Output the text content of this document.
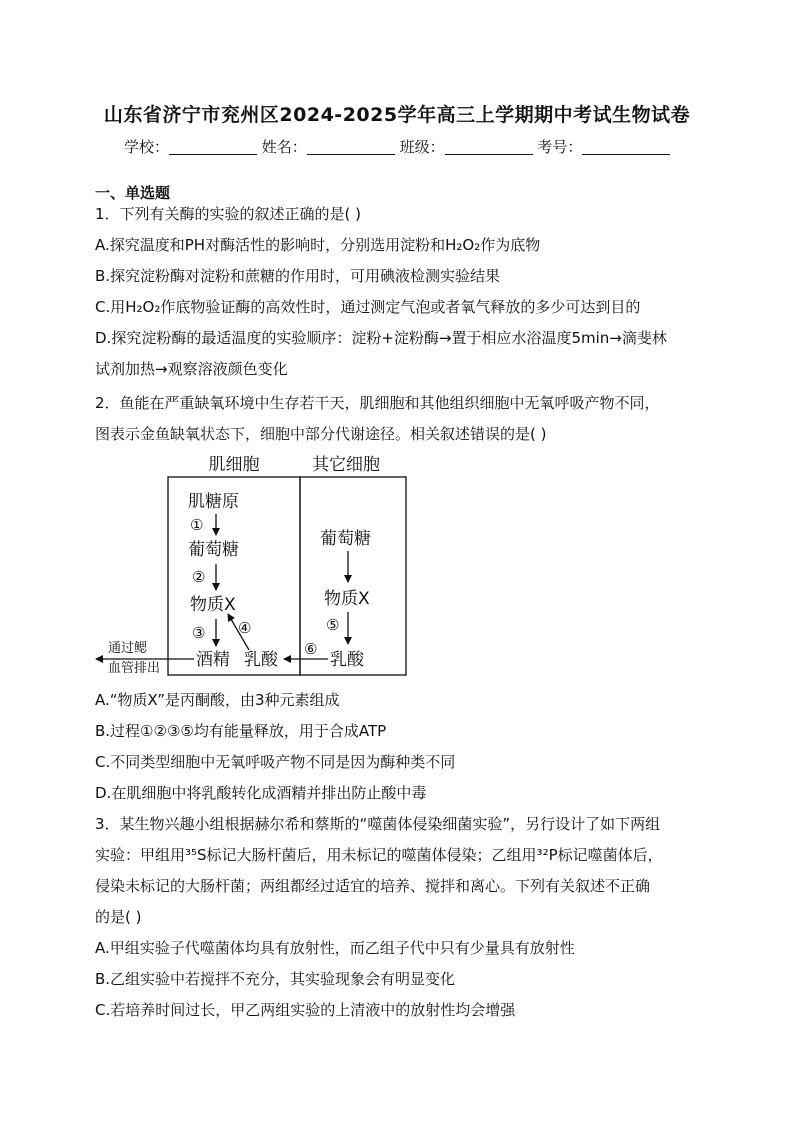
山东省济宁市兖州区2024-2025学年高三上学期期中考试生物试卷
学校：	姓名：	班级：	考号：
一、单选题
1．下列有关酶的实验的叙述正确的是( )
A.探究温度和PH对酶活性的影响时，分别选用淀粉和H₂O₂作为底物
B.探究淀粉酶对淀粉和蔗糖的作用时，可用碘液检测实验结果
C.用H₂O₂作底物验证酶的高效性时，通过测定气泡或者氧气释放的多少可达到目的
D.探究淀粉酶的最适温度的实验顺序：淀粉+淀粉酶→置于相应水浴温度5min→滴斐林
试剂加热→观察溶液颜色变化
2．鱼能在严重缺氧环境中生存若干天，肌细胞和其他组织细胞中无氧呼吸产物不同，
图表示金鱼缺氧状态下，细胞中部分代谢途径。相关叙述错误的是( )
肌细胞	其它细胞
肌糖原
①
葡萄糖
②
物质X
③
酒精 乳酸
④
葡萄糖
物质X
⑤
乳酸
⑥
通过鳃
血管排出
A.“物质X”是丙酮酸，由3种元素组成
B.过程①②③⑤均有能量释放，用于合成ATP
C.不同类型细胞中无氧呼吸产物不同是因为酶种类不同
D.在肌细胞中将乳酸转化成酒精并排出防止酸中毒
3．某生物兴趣小组根据赫尔希和蔡斯的“噬菌体侵染细菌实验”，另行设计了如下两组
实验：甲组用³⁵S标记大肠杆菌后，用未标记的噬菌体侵染；乙组用³²P标记噬菌体后，
侵染未标记的大肠杆菌；两组都经过适宜的培养、搅拌和离心。下列有关叙述不正确
的是( )
A.甲组实验子代噬菌体均具有放射性，而乙组子代中只有少量具有放射性
B.乙组实验中若搅拌不充分，其实验现象会有明显变化
C.若培养时间过长，甲乙两组实验的上清液中的放射性均会增强
